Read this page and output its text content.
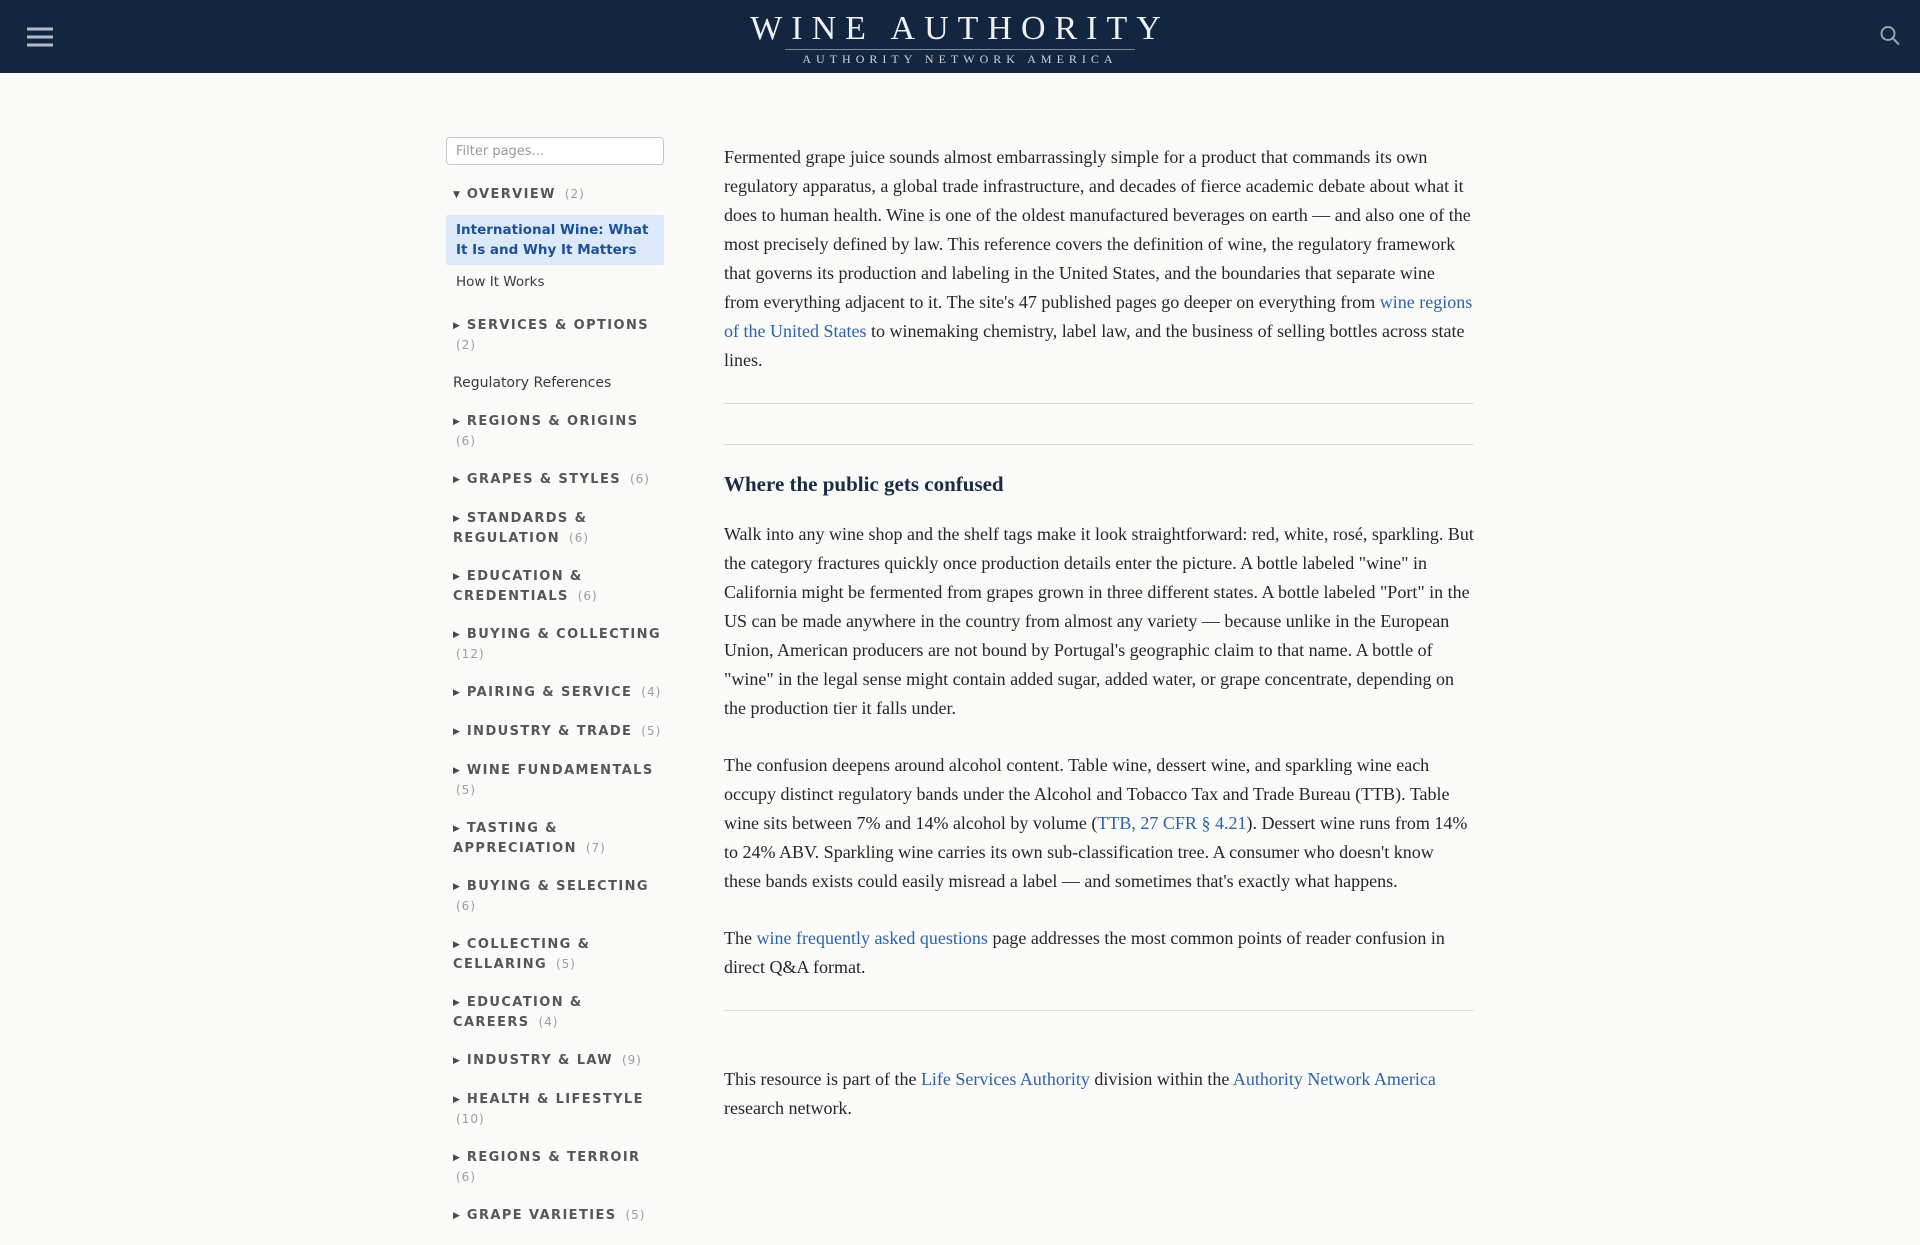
WINE AUTHORITY
AUTHORITY NETWORK AMERICA
Filter pages...
▼ OVERVIEW (2)
International Wine: What It Is and Why It Matters
How It Works
▶ SERVICES & OPTIONS (2)
Regulatory References
▶ REGIONS & ORIGINS (6)
▶ GRAPES & STYLES (6)
▶ STANDARDS & REGULATION (6)
▶ EDUCATION & CREDENTIALS (6)
▶ BUYING & COLLECTING (12)
▶ PAIRING & SERVICE (4)
▶ INDUSTRY & TRADE (5)
▶ WINE FUNDAMENTALS (5)
▶ TASTING & APPRECIATION (7)
▶ BUYING & SELECTING (6)
▶ COLLECTING & CELLARING (5)
▶ EDUCATION & CAREERS (4)
▶ INDUSTRY & LAW (9)
▶ HEALTH & LIFESTYLE (10)
▶ REGIONS & TERROIR (6)
▶ GRAPE VARIETIES (5)

Fermented grape juice sounds almost embarrassingly simple for a product that commands its own regulatory apparatus, a global trade infrastructure, and decades of fierce academic debate about what it does to human health. Wine is one of the oldest manufactured beverages on earth — and also one of the most precisely defined by law. This reference covers the definition of wine, the regulatory framework that governs its production and labeling in the United States, and the boundaries that separate wine from everything adjacent to it. The site's 47 published pages go deeper on everything from wine regions of the United States to winemaking chemistry, label law, and the business of selling bottles across state lines.

Where the public gets confused

Walk into any wine shop and the shelf tags make it look straightforward: red, white, rosé, sparkling. But the category fractures quickly once production details enter the picture. A bottle labeled "wine" in California might be fermented from grapes grown in three different states. A bottle labeled "Port" in the US can be made anywhere in the country from almost any variety — because unlike in the European Union, American producers are not bound by Portugal's geographic claim to that name. A bottle of "wine" in the legal sense might contain added sugar, added water, or grape concentrate, depending on the production tier it falls under.

The confusion deepens around alcohol content. Table wine, dessert wine, and sparkling wine each occupy distinct regulatory bands under the Alcohol and Tobacco Tax and Trade Bureau (TTB). Table wine sits between 7% and 14% alcohol by volume (TTB, 27 CFR § 4.21). Dessert wine runs from 14% to 24% ABV. Sparkling wine carries its own sub-classification tree. A consumer who doesn't know these bands exists could easily misread a label — and sometimes that's exactly what happens.

The wine frequently asked questions page addresses the most common points of reader confusion in direct Q&A format.

This resource is part of the Life Services Authority division within the Authority Network America research network.
